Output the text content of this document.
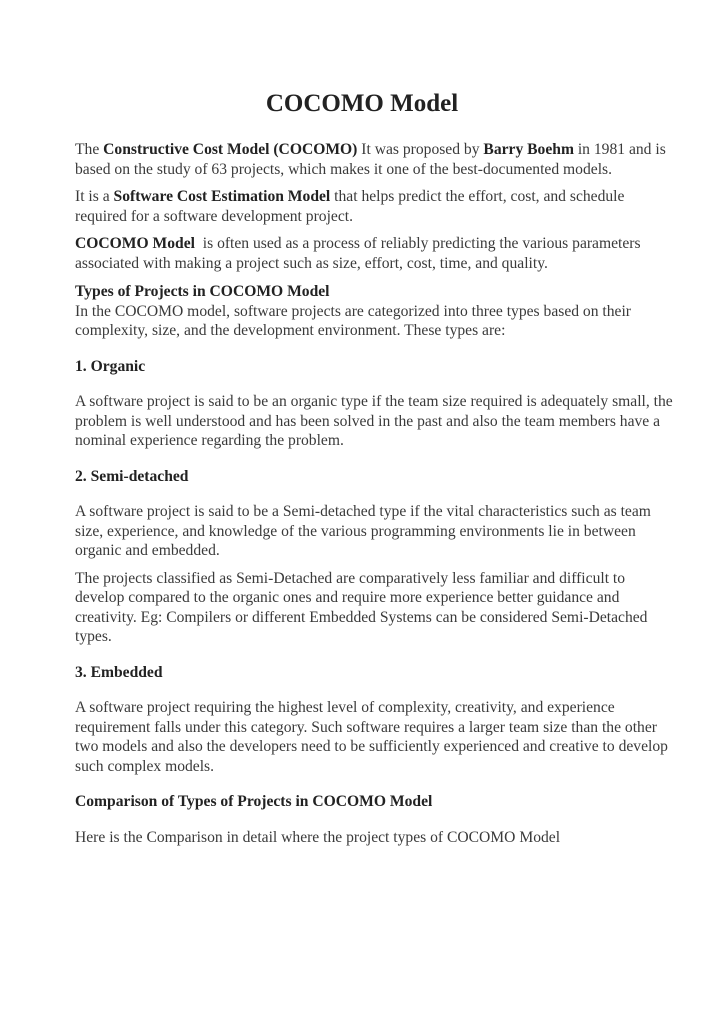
COCOMO Model

The Constructive Cost Model (COCOMO) It was proposed by Barry Boehm in 1981 and is based on the study of 63 projects, which makes it one of the best-documented models.

It is a Software Cost Estimation Model that helps predict the effort, cost, and schedule required for a software development project.

COCOMO Model  is often used as a process of reliably predicting the various parameters associated with making a project such as size, effort, cost, time, and quality.

Types of Projects in COCOMO Model

In the COCOMO model, software projects are categorized into three types based on their complexity, size, and the development environment. These types are:

1. Organic

A software project is said to be an organic type if the team size required is adequately small, the problem is well understood and has been solved in the past and also the team members have a nominal experience regarding the problem.

2. Semi-detached

A software project is said to be a Semi-detached type if the vital characteristics such as team size, experience, and knowledge of the various programming environments lie in between organic and embedded.

The projects classified as Semi-Detached are comparatively less familiar and difficult to develop compared to the organic ones and require more experience better guidance and creativity. Eg: Compilers or different Embedded Systems can be considered Semi-Detached types.

3. Embedded

A software project requiring the highest level of complexity, creativity, and experience requirement falls under this category. Such software requires a larger team size than the other two models and also the developers need to be sufficiently experienced and creative to develop such complex models.

Comparison of Types of Projects in COCOMO Model

Here is the Comparison in detail where the project types of COCOMO Model
